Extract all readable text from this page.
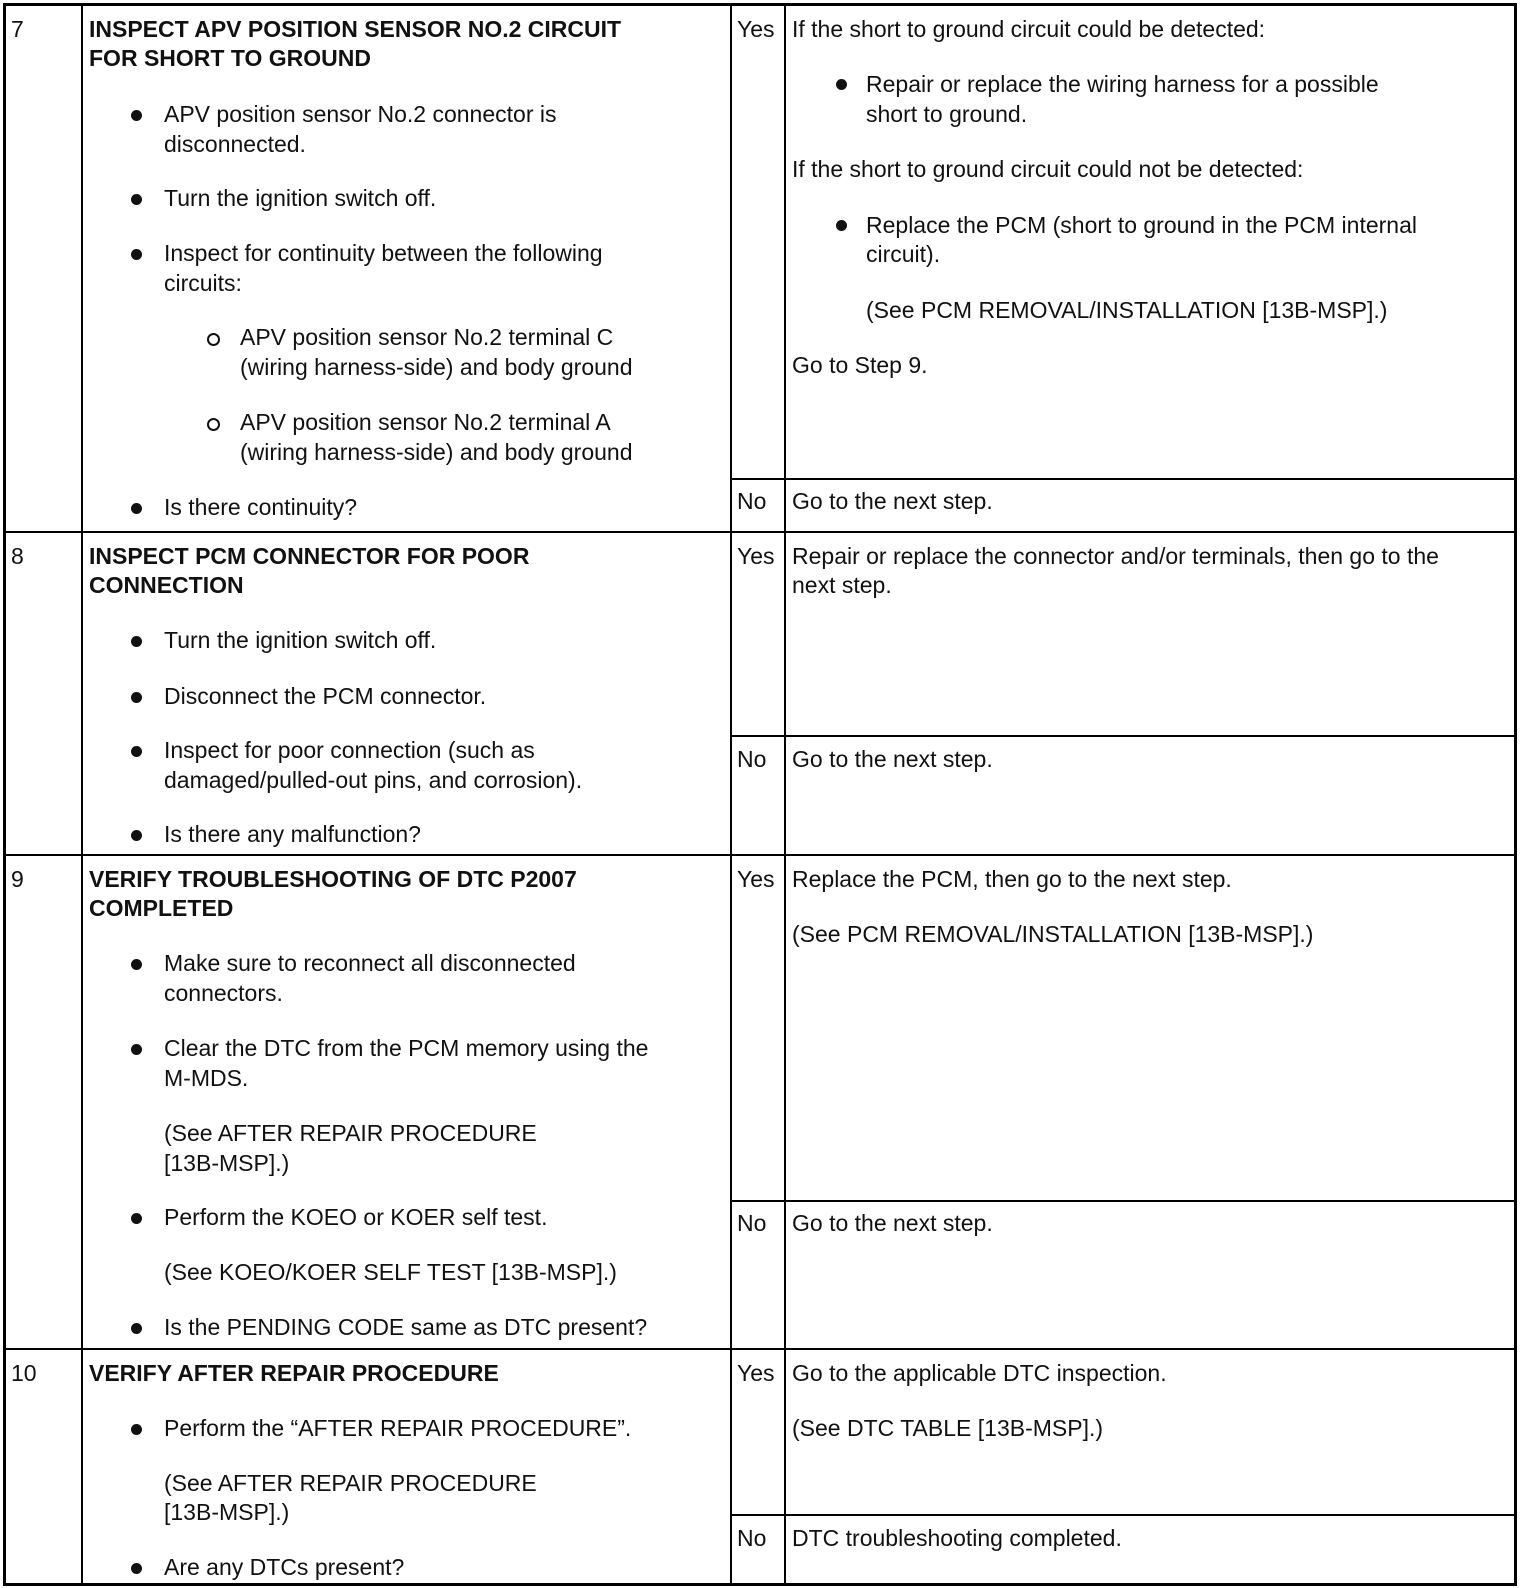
7	INSPECT APV POSITION SENSOR NO.2 CIRCUIT
FOR SHORT TO GROUND
APV position sensor No.2 connector is
disconnected.
Turn the ignition switch off.
Inspect for continuity between the following
circuits:
APV position sensor No.2 terminal C
(wiring harness-side) and body ground
APV position sensor No.2 terminal A
(wiring harness-side) and body ground
Is there continuity?
Yes If the short to ground circuit could be detected:
Repair or replace the wiring harness for a possible
short to ground.
If the short to ground circuit could not be detected:
Replace the PCM (short to ground in the PCM internal
circuit).
(See PCM REMOVAL/INSTALLATION [13B-MSP].)
Go to Step 9.
No Go to the next step.
8	INSPECT PCM CONNECTOR FOR POOR
CONNECTION
Turn the ignition switch off.
Disconnect the PCM connector.
Inspect for poor connection (such as
damaged/pulled-out pins, and corrosion).
Is there any malfunction?
Yes Repair or replace the connector and/or terminals, then go to the
next step.
No Go to the next step.
9	VERIFY TROUBLESHOOTING OF DTC P2007
COMPLETED
Make sure to reconnect all disconnected
connectors.
Clear the DTC from the PCM memory using the
M-MDS.
(See AFTER REPAIR PROCEDURE
[13B-MSP].)
Perform the KOEO or KOER self test.
(See KOEO/KOER SELF TEST [13B-MSP].)
Is the PENDING CODE same as DTC present?
Yes Replace the PCM, then go to the next step.
(See PCM REMOVAL/INSTALLATION [13B-MSP].)
No Go to the next step.
10 VERIFY AFTER REPAIR PROCEDURE
Perform the “AFTER REPAIR PROCEDURE”.
(See AFTER REPAIR PROCEDURE
[13B-MSP].)
Are any DTCs present?
Yes Go to the applicable DTC inspection.
(See DTC TABLE [13B-MSP].)
No DTC troubleshooting completed.
